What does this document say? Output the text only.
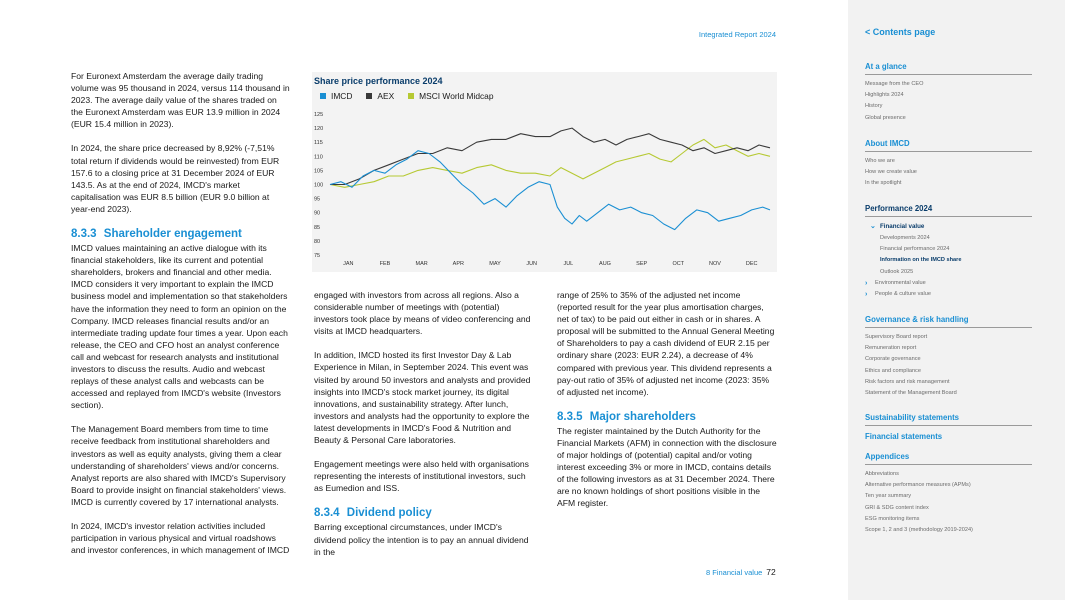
Integrated Report 2024

For Euronext Amsterdam the average daily trading volume was 95 thousand in 2024, versus 114 thousand in 2023. The average daily value of the shares traded on the Euronext Amsterdam was EUR 13.9 million in 2024 (EUR 15.4 million in 2023).

In 2024, the share price decreased by 8,92% (-7,51% total return if dividends would be reinvested) from EUR 157.6 to a closing price at 31 December 2024 of EUR 143.5. As at the end of 2024, IMCD's market capitalisation was EUR 8.5 billion (EUR 9.0 billion at year-end 2023).

8.3.3 Shareholder engagement

IMCD values maintaining an active dialogue with its financial stakeholders, like its current and potential shareholders, brokers and financial and other media. IMCD considers it very important to explain the IMCD business model and implementation so that stakeholders have the information they need to form an opinion on the Company. IMCD releases financial results and/or an intermediate trading update four times a year. Upon each release, the CEO and CFO host an analyst conference call and webcast for research analysts and institutional investors to discuss the results. Audio and webcast replays of these analyst calls and webcasts can be accessed and replayed from IMCD's website (Investors section).

The Management Board members from time to time receive feedback from institutional shareholders and investors as well as equity analysts, giving them a clear understanding of shareholders' views and/or concerns. Analyst reports are also shared with IMCD's Supervisory Board to provide insight on financial stakeholders' views. IMCD is currently covered by 17 international analysts.

In 2024, IMCD's investor relation activities included participation in various physical and virtual roadshows and investor conferences, in which management of IMCD

75
80
85
90
95
100
105
110
115
120
125
JAN	FEB	MAR	APR	MAY	JUN	JUL	AUG	SEP	OCT	NOV	DEC
Share price performance 2024
IMCD	AEX	MSCI World Midcap

engaged with investors from across all regions. Also a considerable number of meetings with (potential) investors took place by means of video conferencing and visits at IMCD headquarters.

In addition, IMCD hosted its first Investor Day & Lab Experience in Milan, in September 2024. This event was visited by around 50 investors and analysts and provided insights into IMCD's stock market journey, its digital innovations, and sustainability strategy. After lunch, investors and analysts had the opportunity to explore the latest developments in IMCD's Food & Nutrition and Beauty & Personal Care laboratories.

Engagement meetings were also held with organisations representing the interests of institutional investors, such as Eumedion and ISS.

8.3.4 Dividend policy

Barring exceptional circumstances, under IMCD's dividend policy the intention is to pay an annual dividend in the

range of 25% to 35% of the adjusted net income (reported result for the year plus amortisation charges, net of tax) to be paid out either in cash or in shares. A proposal will be submitted to the Annual General Meeting of Shareholders to pay a cash dividend of EUR 2.15 per ordinary share (2023: EUR 2.24), a decrease of 4% compared with previous year. This dividend represents a pay-out ratio of 35% of adjusted net income (2023: 35% of adjusted net income).

8.3.5 Major shareholders

The register maintained by the Dutch Authority for the Financial Markets (AFM) in connection with the disclosure of major holdings of (potential) capital and/or voting interest exceeding 3% or more in IMCD, contains details of the following investors as at 31 December 2024. There are no known holdings of short positions visible in the AFM register.

8 Financial value 72
< Contents page
At a glance
Message from the CEO
Highlights 2024
History
Global presence
About IMCD
Who we are
How we create value
In the spotlight
Performance 2024
⌄ Financial value
Developments 2024
Financial performance 2024
Information on the IMCD share
Outlook 2025
›	Environmental value
›	People & culture value
Governance & risk handling
Supervisory Board report
Remuneration report
Corporate governance
Ethics and compliance
Risk factors and risk management
Statement of the Management Board
Sustainability statements
Financial statements
Appendices
Abbreviations
Alternative performance measures (APMs)
Ten year summary
GRI & SDG content index
ESG monitoring items
Scope 1, 2 and 3 (methodology 2019-2024)
